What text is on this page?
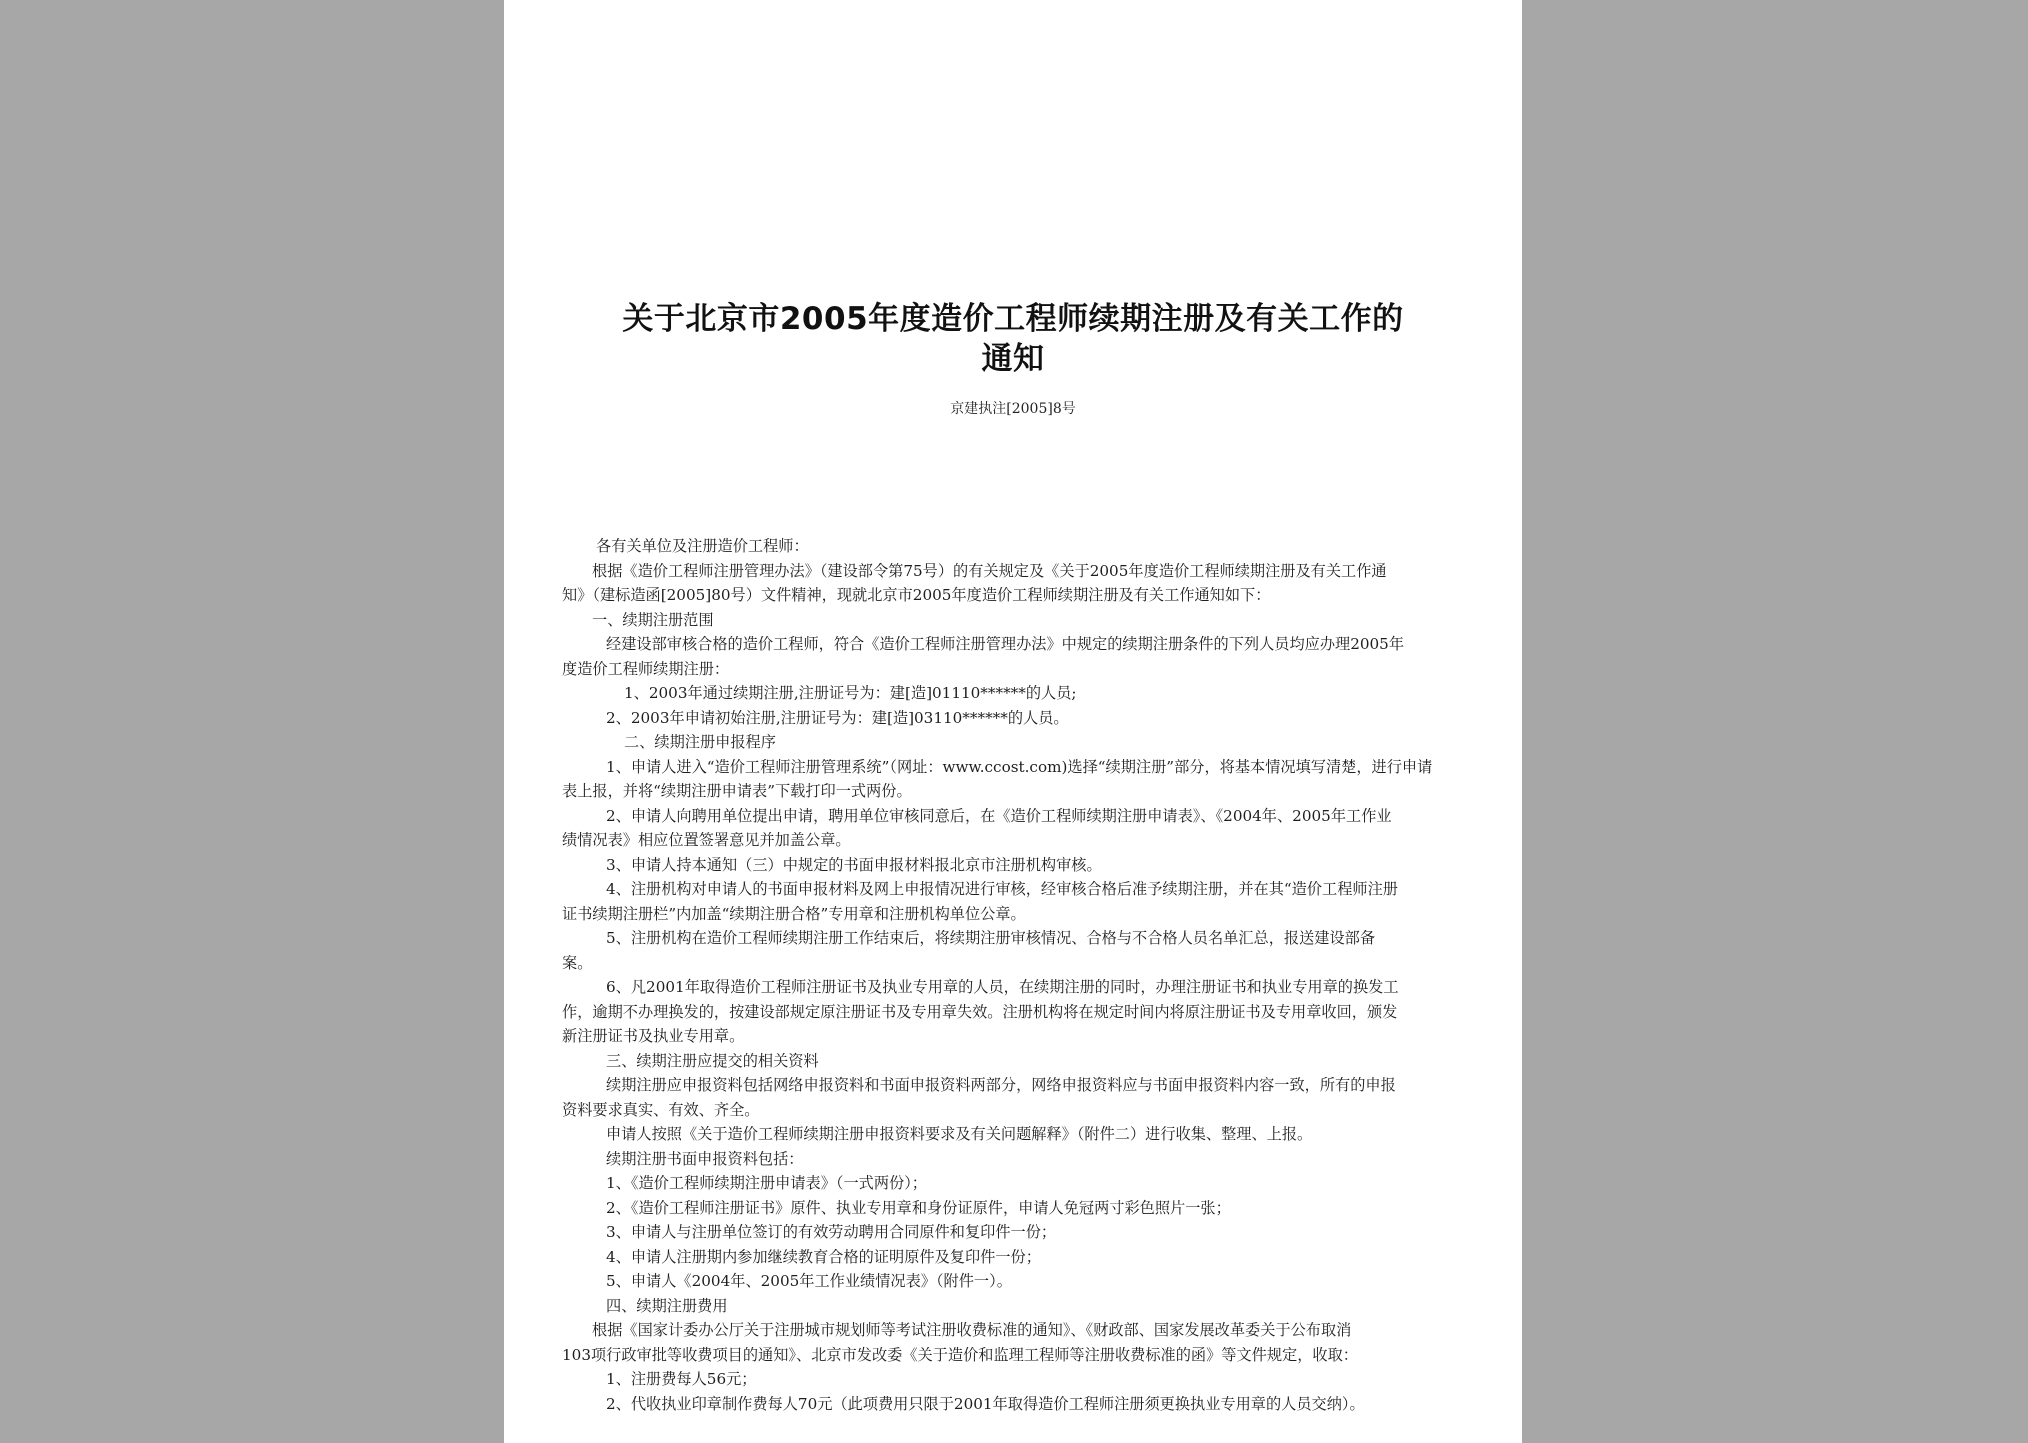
关于北京市2005年度造价工程师续期注册及有关工作的
通知
京建执注[2005]8号
各有关单位及注册造价工程师：
根据《造价工程师注册管理办法》（建设部令第75号）的有关规定及《关于2005年度造价工程师续期注册及有关工作通
知》（建标造函[2005]80号）文件精神，现就北京市2005年度造价工程师续期注册及有关工作通知如下：
一、续期注册范围
经建设部审核合格的造价工程师，符合《造价工程师注册管理办法》中规定的续期注册条件的下列人员均应办理2005年
度造价工程师续期注册：
1、2003年通过续期注册,注册证号为：建[造]01110******的人员;
2、2003年申请初始注册,注册证号为：建[造]03110******的人员。
二、续期注册申报程序
1、申请人进入“造价工程师注册管理系统”（网址：www.ccost.com)选择“续期注册”部分，将基本情况填写清楚，进行申请
表上报，并将“续期注册申请表”下载打印一式两份。
2、申请人向聘用单位提出申请，聘用单位审核同意后，在《造价工程师续期注册申请表》、《2004年、2005年工作业
绩情况表》相应位置签署意见并加盖公章。
3、申请人持本通知（三）中规定的书面申报材料报北京市注册机构审核。
4、注册机构对申请人的书面申报材料及网上申报情况进行审核，经审核合格后准予续期注册，并在其“造价工程师注册
证书续期注册栏”内加盖“续期注册合格”专用章和注册机构单位公章。
5、注册机构在造价工程师续期注册工作结束后，将续期注册审核情况、合格与不合格人员名单汇总，报送建设部备
案。
6、凡2001年取得造价工程师注册证书及执业专用章的人员，在续期注册的同时，办理注册证书和执业专用章的换发工
作，逾期不办理换发的，按建设部规定原注册证书及专用章失效。注册机构将在规定时间内将原注册证书及专用章收回，颁发
新注册证书及执业专用章。
三、续期注册应提交的相关资料
续期注册应申报资料包括网络申报资料和书面申报资料两部分，网络申报资料应与书面申报资料内容一致，所有的申报
资料要求真实、有效、齐全。
申请人按照《关于造价工程师续期注册申报资料要求及有关问题解释》（附件二）进行收集、整理、上报。
续期注册书面申报资料包括：
1、《造价工程师续期注册申请表》（一式两份）；
2、《造价工程师注册证书》原件、执业专用章和身份证原件，申请人免冠两寸彩色照片一张；
3、申请人与注册单位签订的有效劳动聘用合同原件和复印件一份；
4、申请人注册期内参加继续教育合格的证明原件及复印件一份；
5、申请人《2004年、2005年工作业绩情况表》（附件一）。
四、续期注册费用
根据《国家计委办公厅关于注册城市规划师等考试注册收费标准的通知》、《财政部、国家发展改革委关于公布取消
103项行政审批等收费项目的通知》、北京市发改委《关于造价和监理工程师等注册收费标准的函》等文件规定，收取：
1、注册费每人56元；
2、代收执业印章制作费每人70元（此项费用只限于2001年取得造价工程师注册须更换执业专用章的人员交纳）。
